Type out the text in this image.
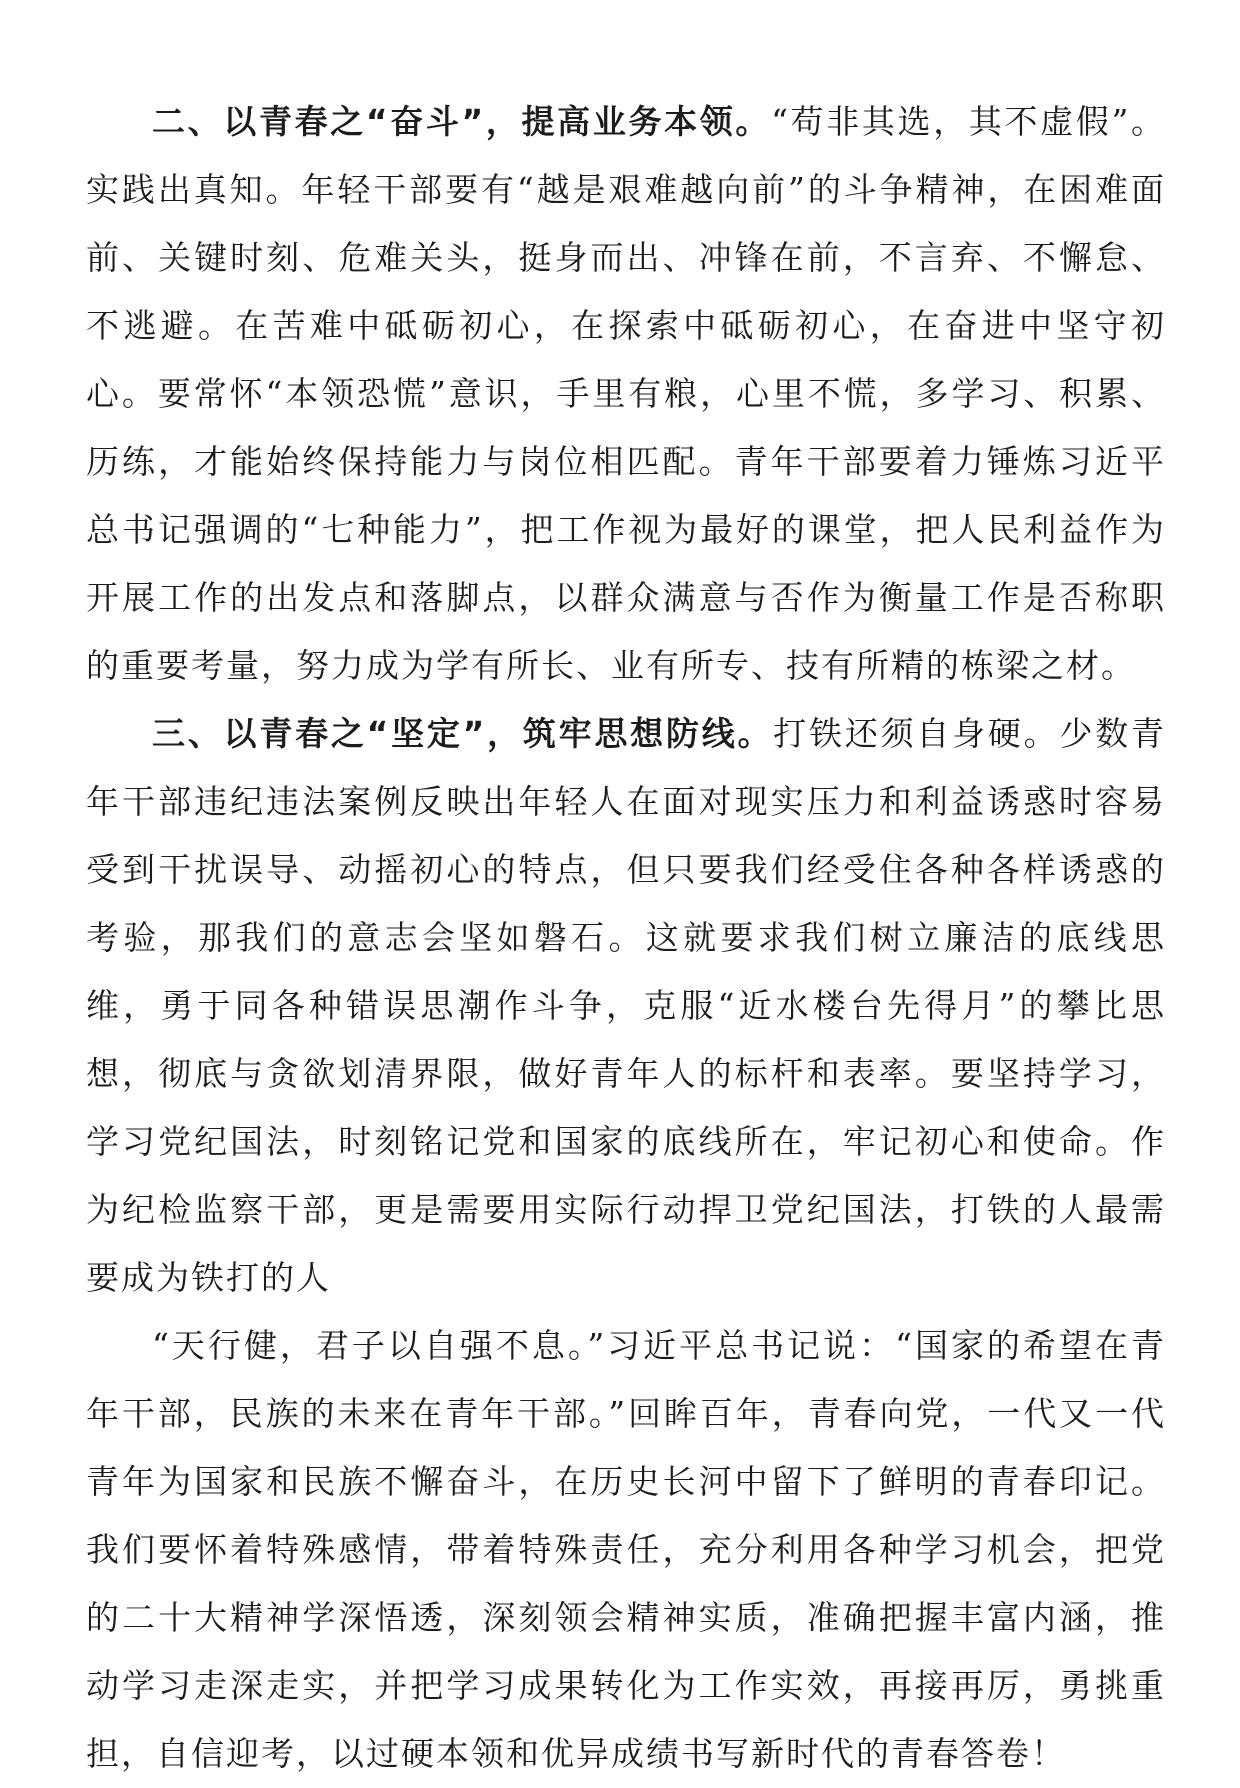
二、以青春之“奋斗”，提高业务本领。“苟非其选，其不虚假”。实践出真知。年轻干部要有“越是艰难越向前”的斗争精神，在困难面前、关键时刻、危难关头，挺身而出、冲锋在前，不言弃、不懈怠、不逃避。在苦难中砥砺初心，在探索中砥砺初心，在奋进中坚守初心。要常怀“本领恐慌”意识，手里有粮，心里不慌，多学习、积累、历练，才能始终保持能力与岗位相匹配。青年干部要着力锤炼习近平总书记强调的“七种能力”，把工作视为最好的课堂，把人民利益作为开展工作的出发点和落脚点，以群众满意与否作为衡量工作是否称职的重要考量，努力成为学有所长、业有所专、技有所精的栋梁之材。

三、以青春之“坚定”，筑牢思想防线。打铁还须自身硬。少数青年干部违纪违法案例反映出年轻人在面对现实压力和利益诱惑时容易受到干扰误导、动摇初心的特点，但只要我们经受住各种各样诱惑的考验，那我们的意志会坚如磐石。这就要求我们树立廉洁的底线思维，勇于同各种错误思潮作斗争，克服“近水楼台先得月”的攀比思想，彻底与贪欲划清界限，做好青年人的标杆和表率。要坚持学习，学习党纪国法，时刻铭记党和国家的底线所在，牢记初心和使命。作为纪检监察干部，更是需要用实际行动捍卫党纪国法，打铁的人最需要成为铁打的人

“天行健，君子以自强不息。”习近平总书记说：“国家的希望在青年干部，民族的未来在青年干部。”回眸百年，青春向党，一代又一代青年为国家和民族不懈奋斗，在历史长河中留下了鲜明的青春印记。我们要怀着特殊感情，带着特殊责任，充分利用各种学习机会，把党的二十大精神学深悟透，深刻领会精神实质，准确把握丰富内涵，推动学习走深走实，并把学习成果转化为工作实效，再接再厉，勇挑重担，自信迎考，以过硬本领和优异成绩书写新时代的青春答卷！
